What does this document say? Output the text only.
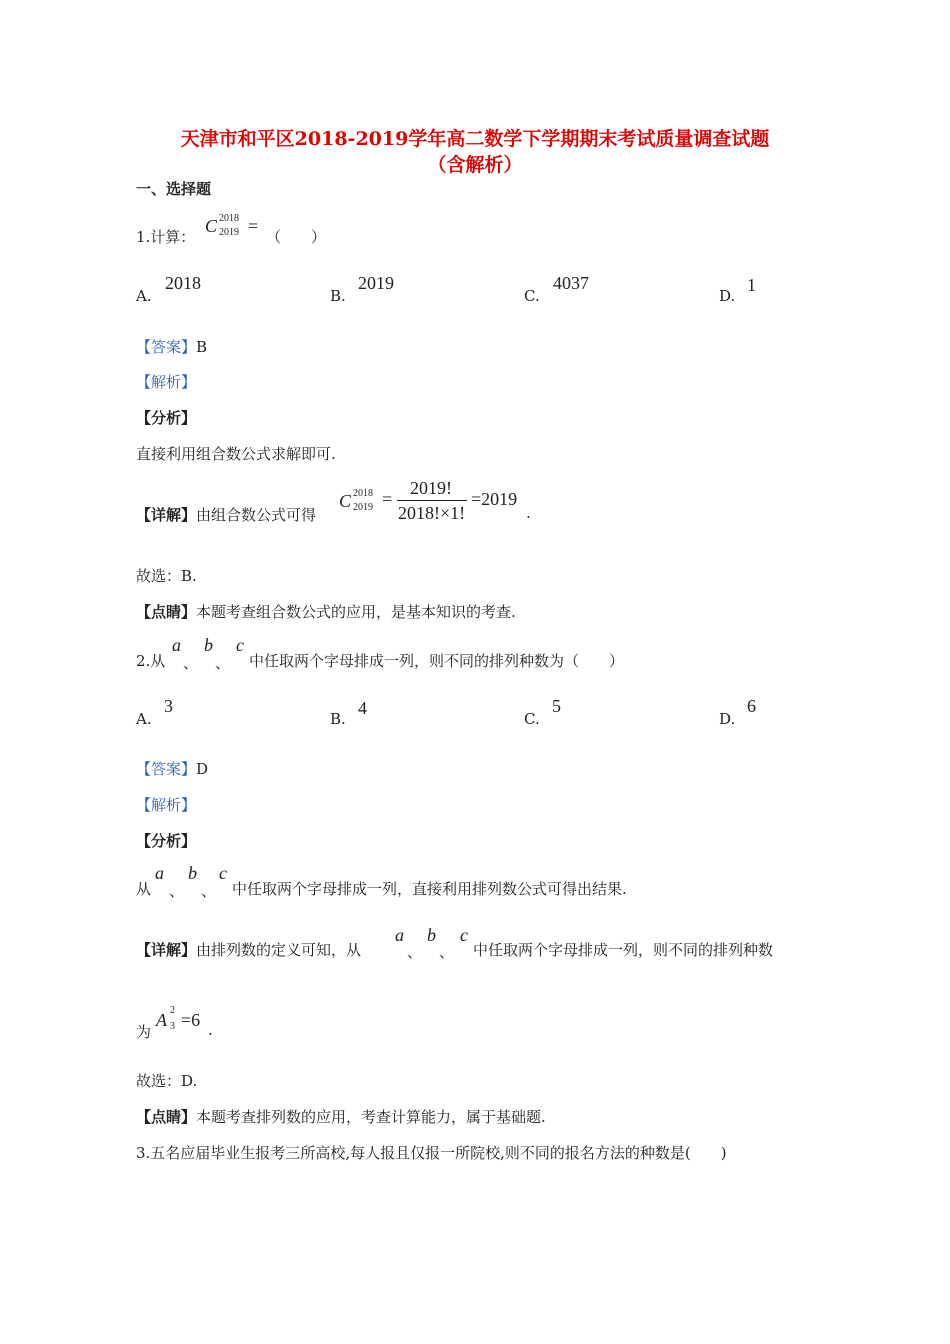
天津市和平区2018-2019学年高二数学下学期期末考试质量调查试题
（含解析）
一、选择题
1.计算：
C 2018
2019 =
（　　）
A.
2018
B.
2019
C.
4037
D.
1
【答案】B
【解析】
【分析】
直接利用组合数公式求解即可.
【详解】由组合数公式可得
C 2018
2019 =
2019!
2018!×1!
=2019
.
故选：B.
【点睛】本题考查组合数公式的应用，是基本知识的考查.
2.从
a
、
b
、
c
中任取两个字母排成一列，则不同的排列种数为（　　）
A.
3
B.
4
C.
5
D.
6
【答案】D
【解析】
【分析】
从
a
、
b
、
c
中任取两个字母排成一列，直接利用排列数公式可得出结果.
【详解】由排列数的定义可知，从
a
、
b
、
c
中任取两个字母排成一列，则不同的排列种数
为
A 2
3 =6 .
故选：D.
【点睛】本题考查排列数的应用，考查计算能力，属于基础题.
3.五名应届毕业生报考三所高校,每人报且仅报一所院校,则不同的报名方法的种数是(　　)
